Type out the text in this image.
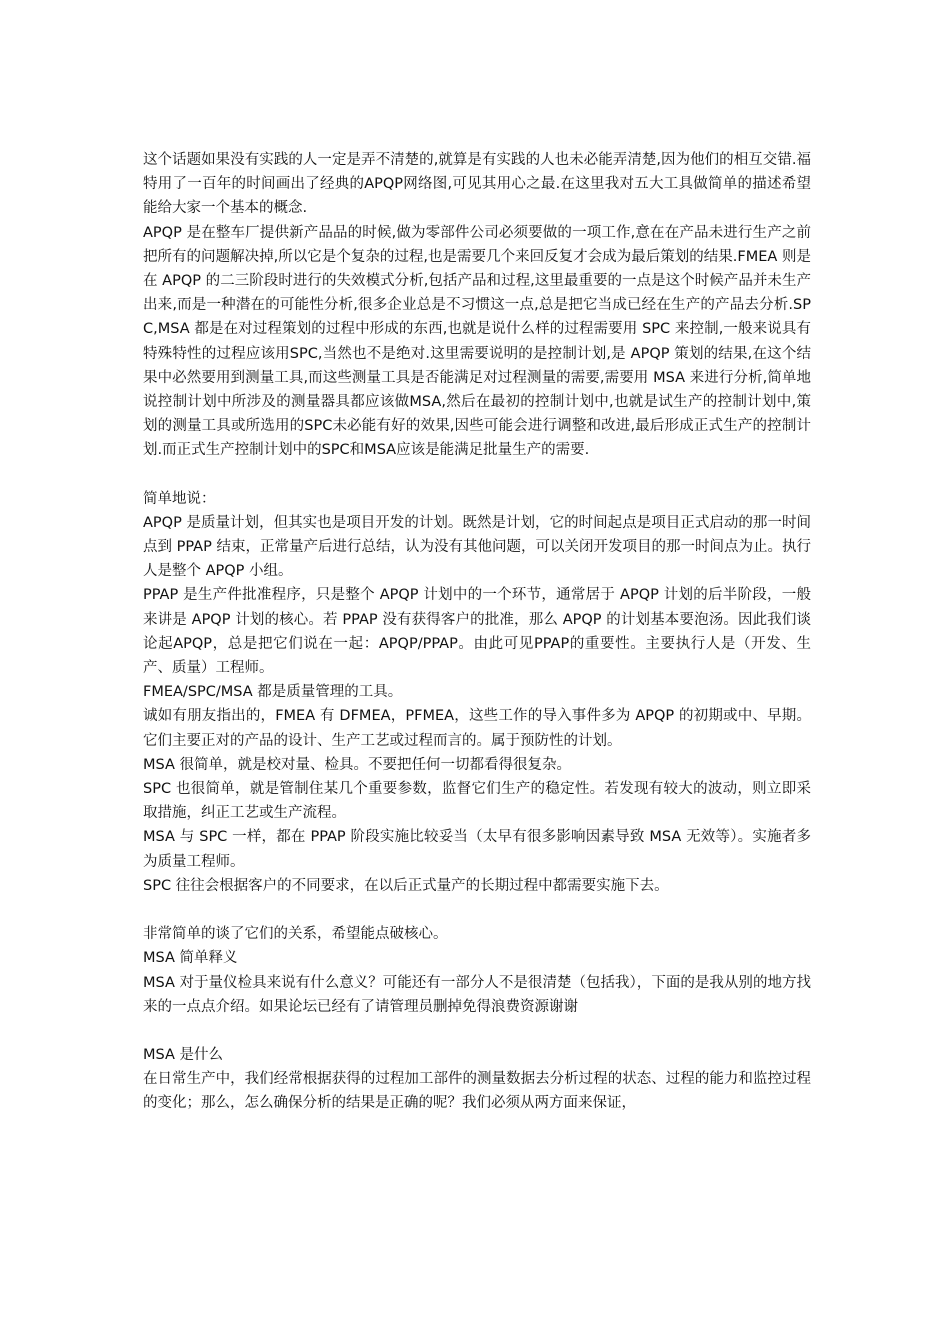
这个话题如果没有实践的人一定是弄不清楚的,就算是有实践的人也未必能弄清楚,因为他们的相互交错.福特用了一百年的时间画出了经典的APQP网络图,可见其用心之最.在这里我对五大工具做简单的描述希望能给大家一个基本的概念.

APQP 是在整车厂提供新产品品的时候,做为零部件公司必须要做的一项工作,意在在产品未进行生产之前把所有的问题解决掉,所以它是个复杂的过程,也是需要几个来回反复才会成为最后策划的结果.FMEA 则是在 APQP 的二三阶段时进行的失效模式分析,包括产品和过程,这里最重要的一点是这个时候产品并未生产出来,而是一种潜在的可能性分析,很多企业总是不习惯这一点,总是把它当成已经在生产的产品去分析.SPC,MSA 都是在对过程策划的过程中形成的东西,也就是说什么样的过程需要用 SPC 来控制,一般来说具有特殊特性的过程应该用SPC,当然也不是绝对.这里需要说明的是控制计划,是 APQP 策划的结果,在这个结果中必然要用到测量工具,而这些测量工具是否能满足对过程测量的需要,需要用 MSA 来进行分析,简单地说控制计划中所涉及的测量器具都应该做MSA,然后在最初的控制计划中,也就是试生产的控制计划中,策划的测量工具或所选用的SPC未必能有好的效果,因些可能会进行调整和改进,最后形成正式生产的控制计划.而正式生产控制计划中的SPC和MSA应该是能满足批量生产的需要.

简单地说：

APQP 是质量计划，但其实也是项目开发的计划。既然是计划，它的时间起点是项目正式启动的那一时间点到 PPAP 结束，正常量产后进行总结，认为没有其他问题，可以关闭开发项目的那一时间点为止。执行人是整个 APQP 小组。

PPAP 是生产件批准程序，只是整个 APQP 计划中的一个环节，通常居于 APQP 计划的后半阶段，一般来讲是 APQP 计划的核心。若 PPAP 没有获得客户的批准，那么 APQP 的计划基本要泡汤。因此我们谈论起APQP，总是把它们说在一起：APQP/PPAP。由此可见PPAP的重要性。主要执行人是（开发、生产、质量）工程师。

FMEA/SPC/MSA 都是质量管理的工具。

诚如有朋友指出的，FMEA 有 DFMEA，PFMEA，这些工作的导入事件多为 APQP 的初期或中、早期。它们主要正对的产品的设计、生产工艺或过程而言的。属于预防性的计划。

MSA 很简单，就是校对量、检具。不要把任何一切都看得很复杂。

SPC 也很简单，就是管制住某几个重要参数，监督它们生产的稳定性。若发现有较大的波动，则立即采取措施，纠正工艺或生产流程。

MSA 与 SPC 一样，都在 PPAP 阶段实施比较妥当（太早有很多影响因素导致 MSA 无效等）。实施者多为质量工程师。

SPC 往往会根据客户的不同要求，在以后正式量产的长期过程中都需要实施下去。

非常简单的谈了它们的关系，希望能点破核心。

MSA 简单释义

MSA 对于量仪检具来说有什么意义？可能还有一部分人不是很清楚（包括我），下面的是我从别的地方找来的一点点介绍。如果论坛已经有了请管理员删掉免得浪费资源谢谢

MSA 是什么

在日常生产中，我们经常根据获得的过程加工部件的测量数据去分析过程的状态、过程的能力和监控过程的变化；那么，怎么确保分析的结果是正确的呢？我们必须从两方面来保证，
